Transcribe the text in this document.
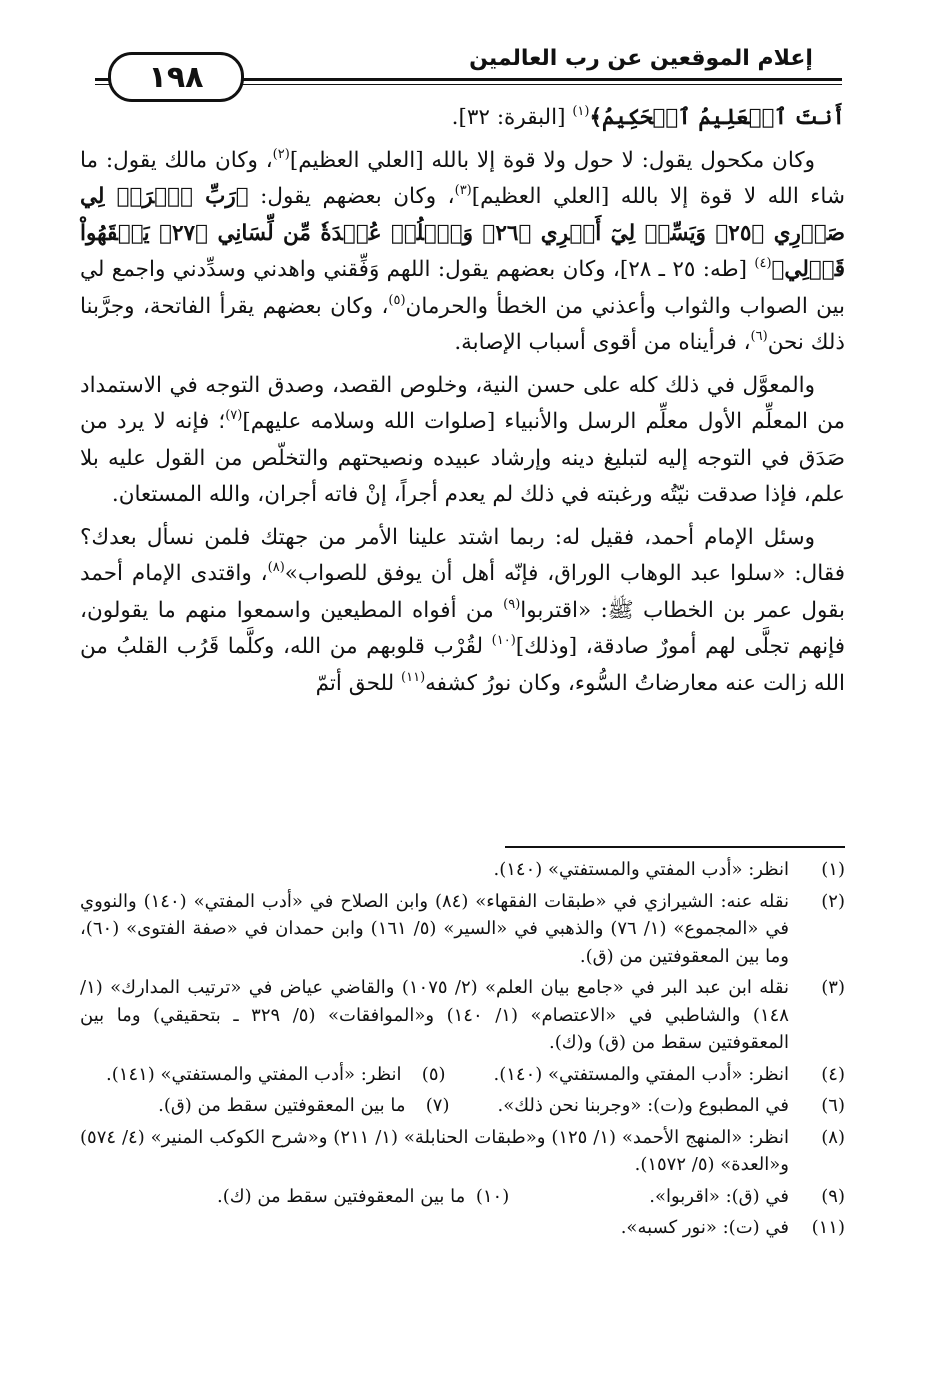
إعلام الموقعين عن رب العالمين
١٩٨

أَنتَ ٱلۡعَلِيمُ ٱلۡحَكِيمُ﴾$^{(١)}$ [البقرة: ٣٢].

وكان مكحول يقول: لا حول ولا قوة إلا بالله [العلي العظيم]$^{(٢)}$، وكان مالك يقول: ما شاء الله لا قوة إلا بالله [العلي العظيم]$^{(٣)}$، وكان بعضهم يقول: ﴿رَبِّ ٱشۡرَحۡ لِي صَدۡرِي ﴿٢٥﴾ وَيَسِّرۡ لِيٓ أَمۡرِي ﴿٢٦﴾ وَٱحۡلُلۡ عُقۡدَةٗ مِّن لِّسَانِي ﴿٢٧﴾ يَفۡقَهُواْ قَوۡلِي﴾$^{(٤)}$ [طه: ٢٥ ـ ٢٨]، وكان بعضهم يقول: اللهم وَفِّقني واهدني وسدِّدني واجمع لي بين الصواب والثواب وأعذني من الخطأ والحرمان$^{(٥)}$، وكان بعضهم يقرأ الفاتحة، وجرَّبنا ذلك نحن$^{(٦)}$، فرأيناه من أقوى أسباب الإصابة.

والمعوَّل في ذلك كله على حسن النية، وخلوص القصد، وصدق التوجه في الاستمداد من المعلِّم الأول معلِّم الرسل والأنبياء [صلوات الله وسلامه عليهم]$^{(٧)}$؛ فإنه لا يرد من صَدَق في التوجه إليه لتبليغ دينه وإرشاد عبيده ونصيحتهم والتخلّص من القول عليه بلا علم، فإذا صدقت نيّتُه ورغبته في ذلك لم يعدم أجراً، إنْ فاته أجران، والله المستعان.

وسئل الإمام أحمد، فقيل له: ربما اشتد علينا الأمر من جهتك فلمن نسأل بعدك؟ فقال: «سلوا عبد الوهاب الوراق، فإنّه أهل أن يوفق للصواب»$^{(٨)}$، واقتدى الإمام أحمد بقول عمر بن الخطاب ﷺ: «اقتربوا$^{(٩)}$ من أفواه المطيعين واسمعوا منهم ما يقولون، فإنهم تجلَّى لهم أمورٌ صادقة، [وذلك]$^{(١٠)}$ لقُرْب قلوبهم من الله، وكلَّما قَرُب القلبُ من الله زالت عنه معارضاتُ السُّوء، وكان نورُ كشفه$^{(١١)}$ للحق أتمّ

(١)
انظر: «أدب المفتي والمستفتي» (١٤٠).
(٢)
نقله عنه: الشيرازي في «طبقات الفقهاء» (٨٤) وابن الصلاح في «أدب المفتي» (١٤٠) والنووي في «المجموع» (١/ ٧٦) والذهبي في «السير» (٥/ ١٦١) وابن حمدان في «صفة الفتوى» (٦٠)، وما بين المعقوفتين من (ق).
(٣)
نقله ابن عبد البر في «جامع بيان العلم» (٢/ ١٠٧٥) والقاضي عياض في «ترتيب المدارك» (١/ ١٤٨) والشاطبي في «الاعتصام» (١/ ١٤٠) و«الموافقات» (٥/ ٣٢٩ ـ بتحقيقي) وما بين المعقوفتين سقط من (ق) و(ك).
(٤)
انظر: «أدب المفتي والمستفتي» (١٤٠).
(٥)
انظر: «أدب المفتي والمستفتي» (١٤١).
(٦)
في المطبوع و(ت): «وجربنا نحن ذلك».
(٧)
ما بين المعقوفتين سقط من (ق).
(٨)
انظر: «المنهج الأحمد» (١/ ١٢٥) و«طبقات الحنابلة» (١/ ٢١١) و«شرح الكوكب المنير» (٤/ ٥٧٤) و«العدة» (٥/ ١٥٧٢).
(٩)
في (ق): «اقربوا».
(١٠)
ما بين المعقوفتين سقط من (ك).
(١١)
في (ت): «نور كسبه».
